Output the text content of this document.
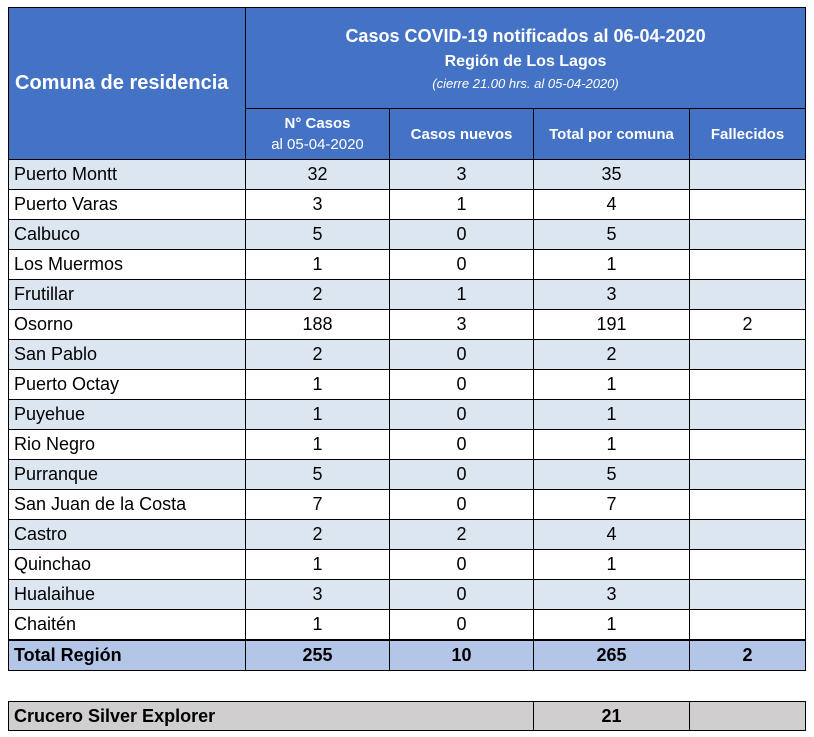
Comuna de residencia	Casos COVID-19 notificados al 06-04-2020
Región de Los Lagos
(cierre 21.00 hrs. al 05-04-2020)			

	N° Casos
al 05-04-2020	Casos nuevos	Total por comuna	Fallecidos
Puerto Montt	32	3	35	
Puerto Varas	3	1	4	
Calbuco	5	0	5	
Los Muermos	1	0	1	
Frutillar	2	1	3	
Osorno	188	3	191	2
San Pablo	2	0	2	
Puerto Octay	1	0	1	
Puyehue	1	0	1	
Rio Negro	1	0	1	
Purranque	5	0	5	
San Juan de la Costa	7	0	7	
Castro	2	2	4	
Quinchao	1	0	1	
Hualaihue	3	0	3	
Chaitén	1	0	1	
Total Región	255	10	265	2
Crucero Silver Explorer	21	
